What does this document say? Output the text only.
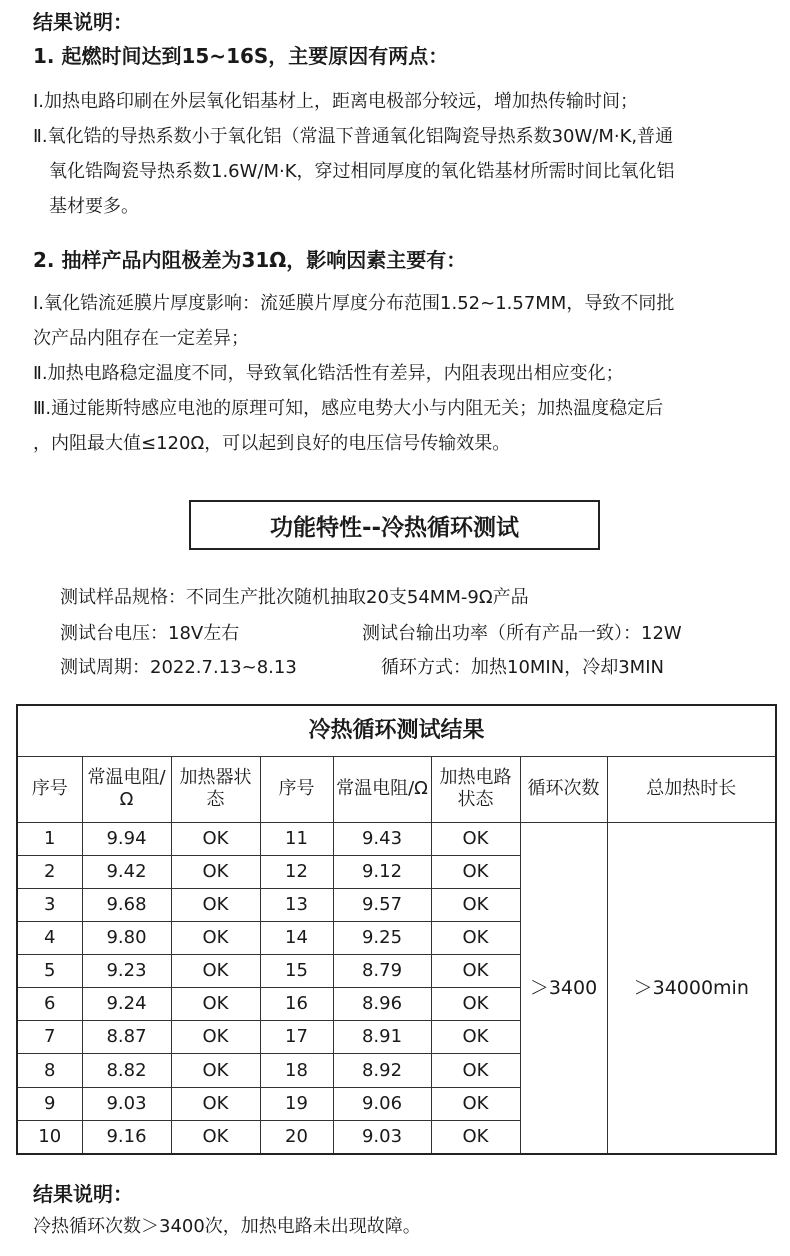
结果说明：
1. 起燃时间达到15~16S，主要原因有两点：
Ⅰ.加热电路印刷在外层氧化铝基材上，距离电极部分较远，增加热传输时间；
Ⅱ.氧化锆的导热系数小于氧化铝（常温下普通氧化铝陶瓷导热系数30W/M·K,普通
氧化锆陶瓷导热系数1.6W/M·K，穿过相同厚度的氧化锆基材所需时间比氧化铝
基材要多。
2. 抽样产品内阻极差为31Ω，影响因素主要有：
Ⅰ.氧化锆流延膜片厚度影响：流延膜片厚度分布范围1.52~1.57MM，导致不同批
次产品内阻存在一定差异；
Ⅱ.加热电路稳定温度不同，导致氧化锆活性有差异，内阻表现出相应变化；
Ⅲ.通过能斯特感应电池的原理可知，感应电势大小与内阻无关；加热温度稳定后
，内阻最大值≤120Ω，可以起到良好的电压信号传输效果。
功能特性--冷热循环测试
测试样品规格：不同生产批次随机抽取20支54MM-9Ω产品
测试台电压：18V左右	测试台输出功率（所有产品一致）：12W
测试周期：2022.7.13~8.13	循环方式：加热10MIN，冷却3MIN
冷热循环测试结果							
序号	常温电阻/Ω	加热器状态	序号	常温电阻/Ω	加热电路状态	循环次数	总加热时长
1	9.94	OK	11	9.43	OK	＞3400	＞34000min
2	9.42	OK	12	9.12	OK		
3	9.68	OK	13	9.57	OK		
4	9.80	OK	14	9.25	OK		
5	9.23	OK	15	8.79	OK		
6	9.24	OK	16	8.96	OK		
7	8.87	OK	17	8.91	OK		
8	8.82	OK	18	8.92	OK		
9	9.03	OK	19	9.06	OK		
10	9.16	OK	20	9.03	OK		
结果说明：
冷热循环次数＞3400次，加热电路未出现故障。
